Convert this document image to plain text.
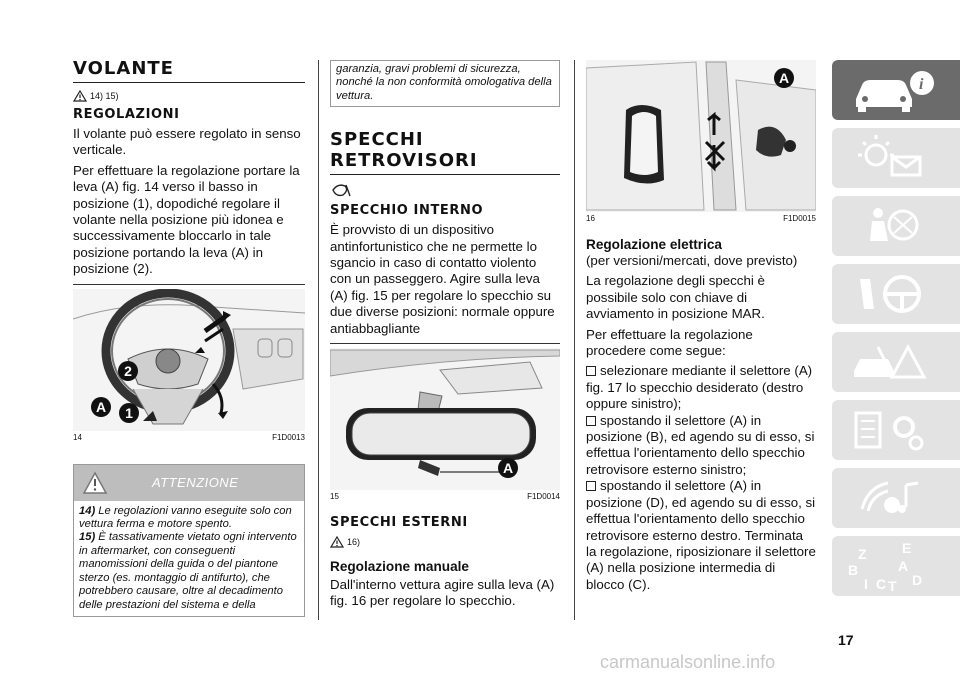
VOLANTE
14) 15)
REGOLAZIONI

Il volante può essere regolato in senso verticale.

Per effettuare la regolazione portare la leva (A) fig. 14 verso il basso in posizione (1), dopodiché regolare il volante nella posizione più idonea e successivamente bloccarlo in tale posizione portando la leva (A) in posizione (2).

2
A	1
14	F1D0013
ATTENZIONE
14) Le regolazioni vanno eseguite solo con vettura ferma e motore spento.
15) È tassativamente vietato ogni intervento in aftermarket, con conseguenti manomissioni della guida o del piantone sterzo (es. montaggio di antifurto), che potrebbero causare, oltre al decadimento delle prestazioni del sistema e della
garanzia, gravi problemi di sicurezza, nonché la non conformità omologativa della vettura.
SPECCHI
RETROVISORI
SPECCHIO INTERNO

È provvisto di un dispositivo antinfortunistico che ne permette lo sgancio in caso di contatto violento con un passeggero. Agire sulla leva (A) fig. 15 per regolare lo specchio su due diverse posizioni: normale oppure antiabbagliante

A
15	F1D0014
SPECCHI ESTERNI
16)
Regolazione manuale

Dall'interno vettura agire sulla leva (A) fig. 16 per regolare lo specchio.

A
16	F1D0015
Regolazione elettrica

(per versioni/mercati, dove previsto)

La regolazione degli specchi è possibile solo con chiave di avviamento in posizione MAR.

Per effettuare la regolazione procedere come segue:

selezionare mediante il selettore (A) fig. 17 lo specchio desiderato (destro oppure sinistro);

spostando il selettore (A) in posizione (B), ed agendo su di esso, si effettua l'orientamento dello specchio retrovisore esterno sinistro;

spostando il selettore (A) in posizione (D), ed agendo su di esso, si effettua l'orientamento dello specchio retrovisore esterno destro. Terminata la regolazione, riposizionare il selettore (A) nella posizione intermedia di blocco (C).

i
Z	E
B	A
I C T D
17
carmanualsonline.info
